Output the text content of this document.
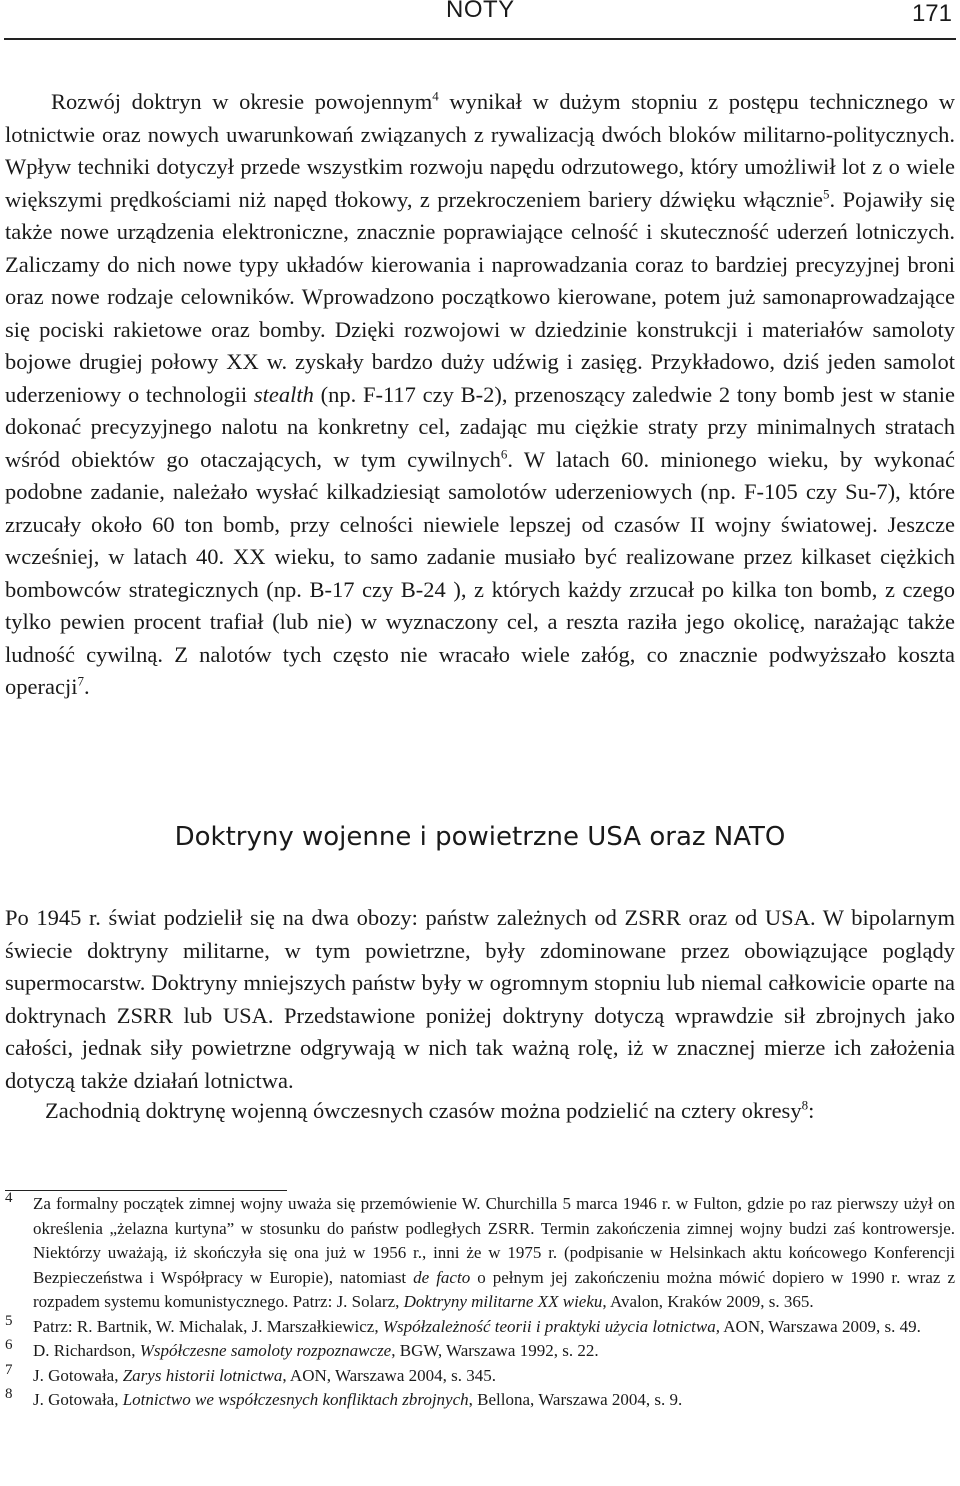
NOTY	171

Rozwój doktryn w okresie powojennym$^4$ wynikał w dużym stopniu z postępu technicznego w lotnictwie oraz nowych uwarunkowań związanych z rywalizacją dwóch bloków militarno-politycznych. Wpływ techniki dotyczył przede wszystkim rozwoju napędu odrzutowego, który umożliwił lot z o wiele większymi prędkościami niż napęd tłokowy, z przekroczeniem bariery dźwięku włącznie$^5$. Pojawiły się także nowe urządzenia elektroniczne, znacznie poprawiające celność i skuteczność uderzeń lotniczych. Zaliczamy do nich nowe typy układów kierowania i naprowadzania coraz to bardziej precyzyjnej broni oraz nowe rodzaje celowników. Wprowadzono początkowo kierowane, potem już samonaprowadzające się pociski rakietowe oraz bomby. Dzięki rozwojowi w dziedzinie konstrukcji i materiałów samoloty bojowe drugiej połowy XX w. zyskały bardzo duży udźwig i zasięg. Przykładowo, dziś jeden samolot uderzeniowy o technologii stealth (np. F-117 czy B-2), przenoszący zaledwie 2 tony bomb jest w stanie dokonać precyzyjnego nalotu na konkretny cel, zadając mu ciężkie straty przy minimalnych stratach wśród obiektów go otaczających, w tym cywilnych$^6$. W latach 60. minionego wieku, by wykonać podobne zadanie, należało wysłać kilkadziesiąt samolotów uderzeniowych (np. F-105 czy Su-7), które zrzucały około 60 ton bomb, przy celności niewiele lepszej od czasów II wojny światowej. Jeszcze wcześniej, w latach 40. XX wieku, to samo zadanie musiało być realizowane przez kilkaset ciężkich bombowców strategicznych (np. B-17 czy B-24 ), z których każdy zrzucał po kilka ton bomb, z czego tylko pewien procent trafiał (lub nie) w wyznaczony cel, a reszta raziła jego okolicę, narażając także ludność cywilną. Z nalotów tych często nie wracało wiele załóg, co znacznie podwyższało koszta operacji$^7$.

Doktryny wojenne i powietrzne USA oraz NATO

Po 1945 r. świat podzielił się na dwa obozy: państw zależnych od ZSRR oraz od USA. W bipolarnym świecie doktryny militarne, w tym powietrzne, były zdominowane przez obowiązujące poglądy supermocarstw. Doktryny mniejszych państw były w ogromnym stopniu lub niemal całkowicie oparte na doktrynach ZSRR lub USA. Przedstawione poniżej doktryny dotyczą wprawdzie sił zbrojnych jako całości, jednak siły powietrzne odgrywają w nich tak ważną rolę, iż w znacznej mierze ich założenia dotyczą także działań lotnictwa.

Zachodnią doktrynę wojenną ówczesnych czasów można podzielić na cztery okresy$^8$:

4 Za formalny początek zimnej wojny uważa się przemówienie W. Churchilla 5 marca 1946 r. w Fulton, gdzie po raz pierwszy użył on określenia „żelazna kurtyna” w stosunku do państw podległych ZSRR. Termin zakończenia zimnej wojny budzi zaś kontrowersje. Niektórzy uważają, iż skończyła się ona już w 1956 r., inni że w 1975 r. (podpisanie w Helsinkach aktu końcowego Konferencji Bezpieczeństwa i Współpracy w Europie), natomiast de facto o pełnym jej zakończeniu można mówić dopiero w 1990 r. wraz z rozpadem systemu komunistycznego. Patrz: J. Solarz, Doktryny militarne XX wieku, Avalon, Kraków 2009, s. 365.
5 Patrz: R. Bartnik, W. Michalak, J. Marszałkiewicz, Współzależność teorii i praktyki użycia lotnictwa, AON, Warszawa 2009, s. 49.
6 D. Richardson, Współczesne samoloty rozpoznawcze, BGW, Warszawa 1992, s. 22.
7 J. Gotowała, Zarys historii lotnictwa, AON, Warszawa 2004, s. 345.
8 J. Gotowała, Lotnictwo we współczesnych konfliktach zbrojnych, Bellona, Warszawa 2004, s. 9.
